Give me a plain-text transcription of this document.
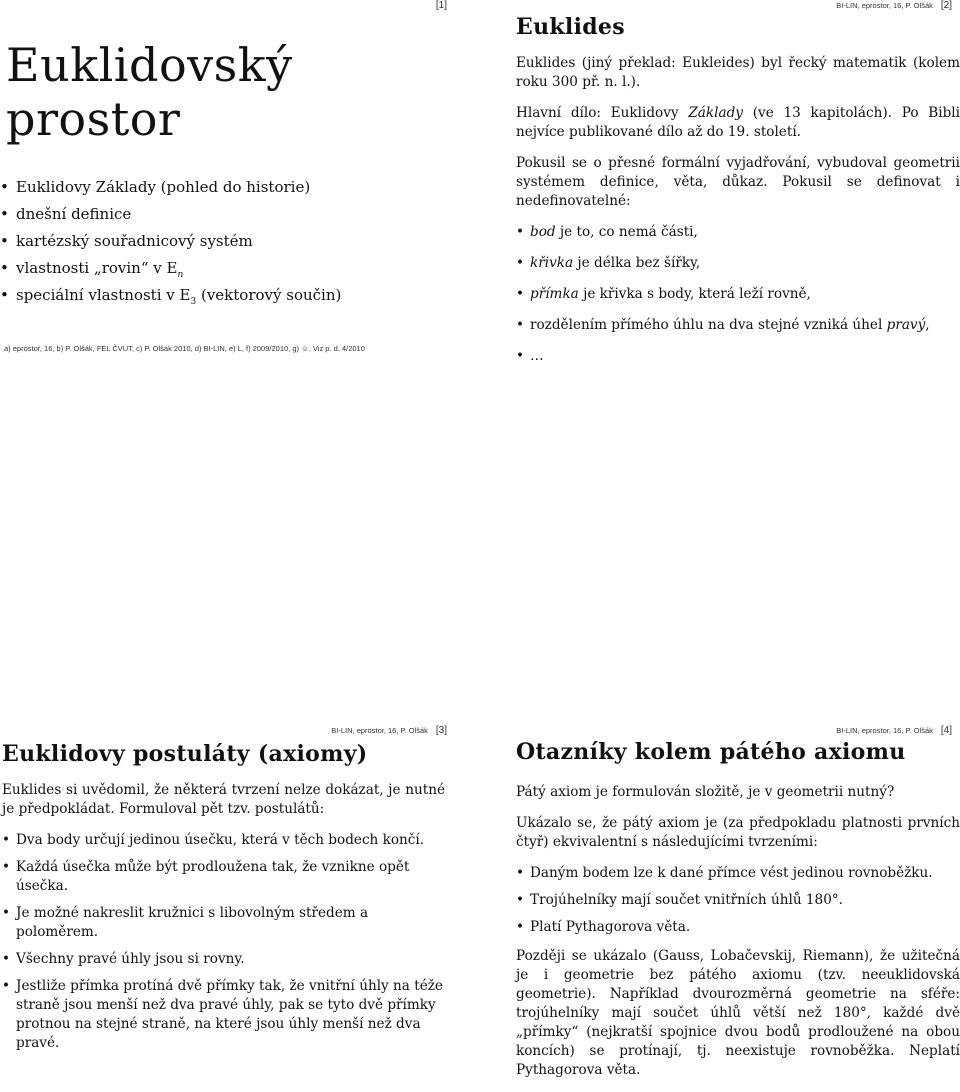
[1]
Euklidovský
prostor
• Euklidovy Základy (pohled do historie)
• dnešní definice
• kartézský souřadnicový systém
• vlastnosti „rovin“ v $E_n$
• speciální vlastnosti v $E_3$ (vektorový součin)
a) eprostor, 16, b) P. Olšák, FEL ČVUT, c) P. Olšák 2010, d) BI-LIN, e) L, f) 2009/2010, g) ☺. Viz p. d. 4/2010
BI-LIN, eprostor, 16, P. Olšák [2]
Euklides

Euklides (jiný překlad: Eukleides) byl řecký matematik (kolem roku 300 př. n. l.).

Hlavní dílo: Euklidovy Základy (ve 13 kapitolách). Po Bibli nejvíce publikované dílo až do 19. století.

Pokusil se o přesné formální vyjadřování, vybudoval geometrii systémem definice, věta, důkaz. Pokusil se definovat i nedefinovatelné:

• bod je to, co nemá části,
• křivka je délka bez šířky,
• přímka je křivka s body, která leží rovně,
• rozdělením přímého úhlu na dva stejné vzniká úhel pravý,
• …
BI-LIN, eprostor, 16, P. Olšák [3]
Euklidovy postuláty (axiomy)

Euklides si uvědomil, že některá tvrzení nelze dokázat, je nutné je předpokládat. Formuloval pět tzv. postulátů:

• Dva body určují jedinou úsečku, která v těch bodech končí.
• Každá úsečka může být prodloužena tak, že vznikne opět úsečka.
• Je možné nakreslit kružnici s libovolným středem a poloměrem.
• Všechny pravé úhly jsou si rovny.
• Jestliže přímka protíná dvě přímky tak, že vnitřní úhly na téže straně jsou menší než dva pravé úhly, pak se tyto dvě přímky protnou na stejné straně, na které jsou úhly menší než dva pravé.
BI-LIN, eprostor, 16, P. Olšák [4]
Otazníky kolem pátého axiomu

Pátý axiom je formulován složitě, je v geometrii nutný?

Ukázalo se, že pátý axiom je (za předpokladu platnosti prvních čtyř) ekvivalentní s následujícími tvrzeními:

• Daným bodem lze k dané přímce vést jedinou rovnoběžku.
• Trojúhelníky mají součet vnitřních úhlů 180°.
• Platí Pythagorova věta.

Později se ukázalo (Gauss, Lobačevskij, Riemann), že užitečná je i geometrie bez pátého axiomu (tzv. neeuklidovská geometrie). Například dvourozměrná geometrie na sféře: trojúhelníky mají součet úhlů větší než 180°, každé dvě „přímky“ (nejkratší spojnice dvou bodů prodloužené na obou koncích) se protínají, tj. neexistuje rovnoběžka. Neplatí Pythagorova věta.
